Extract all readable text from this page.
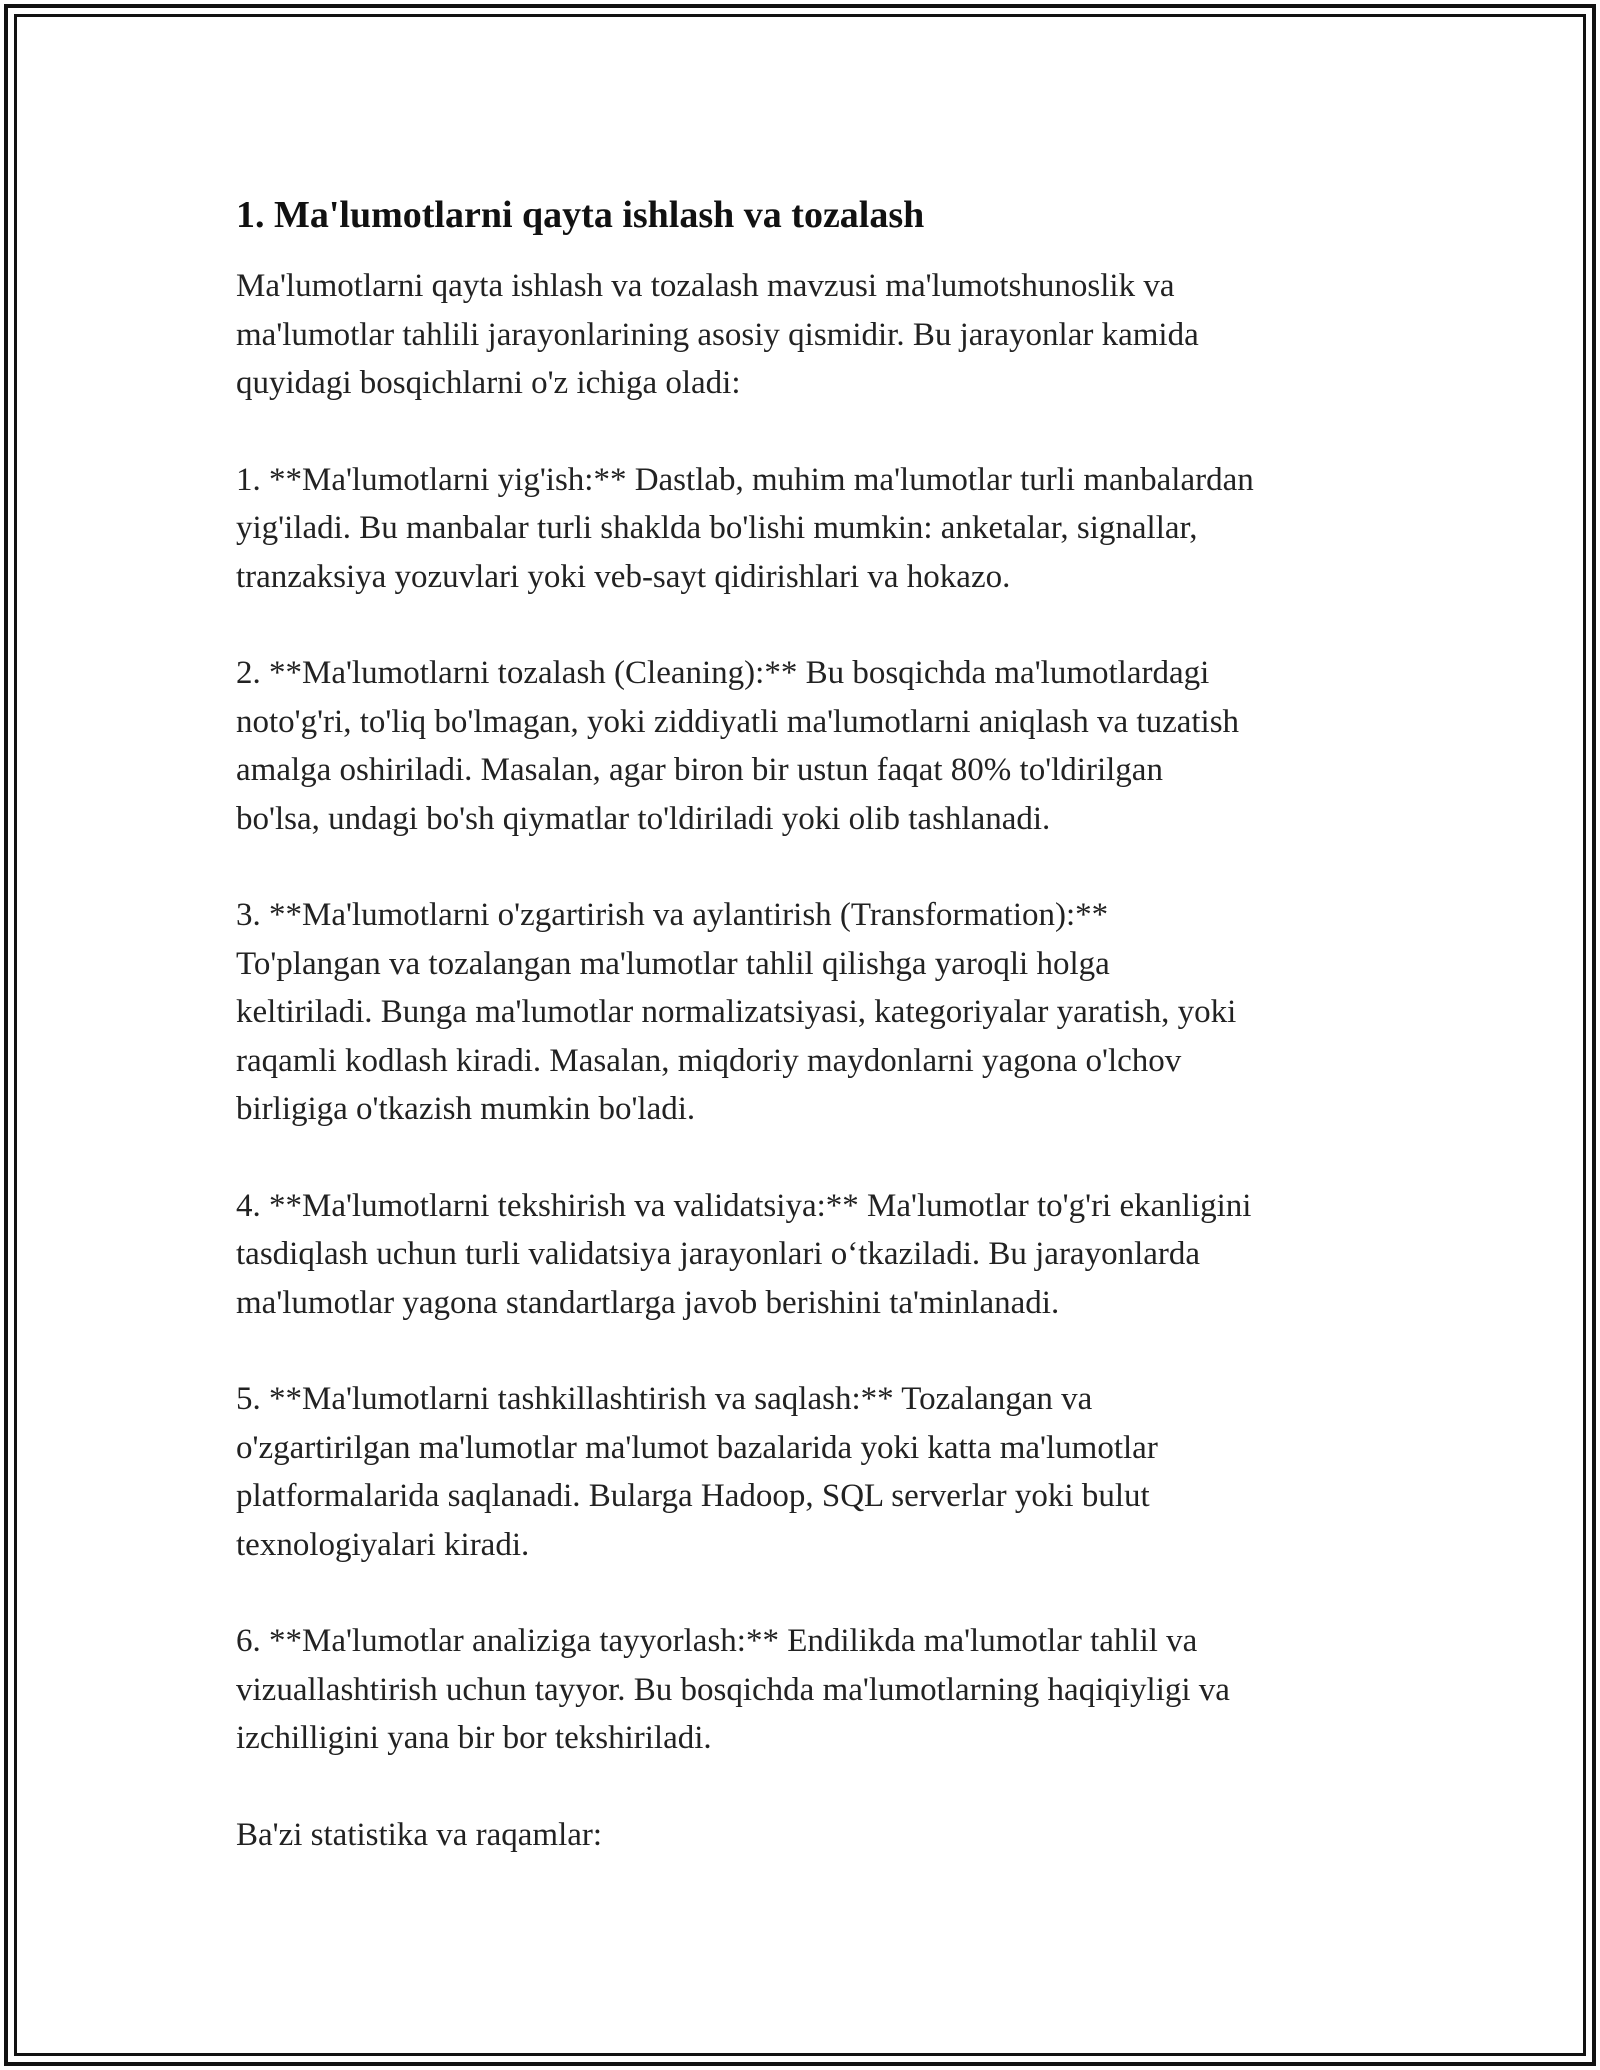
1. Ma'lumotlarni qayta ishlash va tozalash

Ma'lumotlarni qayta ishlash va tozalash mavzusi ma'lumotshunoslik va
ma'lumotlar tahlili jarayonlarining asosiy qismidir. Bu jarayonlar kamida
quyidagi bosqichlarni o'z ichiga oladi:

1. **Ma'lumotlarni yig'ish:** Dastlab, muhim ma'lumotlar turli manbalardan
yig'iladi. Bu manbalar turli shaklda bo'lishi mumkin: anketalar, signallar,
tranzaksiya yozuvlari yoki veb-sayt qidirishlari va hokazo.

2. **Ma'lumotlarni tozalash (Cleaning):** Bu bosqichda ma'lumotlardagi
noto'g'ri, to'liq bo'lmagan, yoki ziddiyatli ma'lumotlarni aniqlash va tuzatish
amalga oshiriladi. Masalan, agar biron bir ustun faqat 80% to'ldirilgan
bo'lsa, undagi bo'sh qiymatlar to'ldiriladi yoki olib tashlanadi.

3. **Ma'lumotlarni o'zgartirish va aylantirish (Transformation):**
To'plangan va tozalangan ma'lumotlar tahlil qilishga yaroqli holga
keltiriladi. Bunga ma'lumotlar normalizatsiyasi, kategoriyalar yaratish, yoki
raqamli kodlash kiradi. Masalan, miqdoriy maydonlarni yagona o'lchov
birligiga o'tkazish mumkin bo'ladi.

4. **Ma'lumotlarni tekshirish va validatsiya:** Ma'lumotlar to'g'ri ekanligini
tasdiqlash uchun turli validatsiya jarayonlari o‘tkaziladi. Bu jarayonlarda
ma'lumotlar yagona standartlarga javob berishini ta'minlanadi.

5. **Ma'lumotlarni tashkillashtirish va saqlash:** Tozalangan va
o'zgartirilgan ma'lumotlar ma'lumot bazalarida yoki katta ma'lumotlar
platformalarida saqlanadi. Bularga Hadoop, SQL serverlar yoki bulut
texnologiyalari kiradi.

6. **Ma'lumotlar analiziga tayyorlash:** Endilikda ma'lumotlar tahlil va
vizuallashtirish uchun tayyor. Bu bosqichda ma'lumotlarning haqiqiyligi va
izchilligini yana bir bor tekshiriladi.

Ba'zi statistika va raqamlar:
